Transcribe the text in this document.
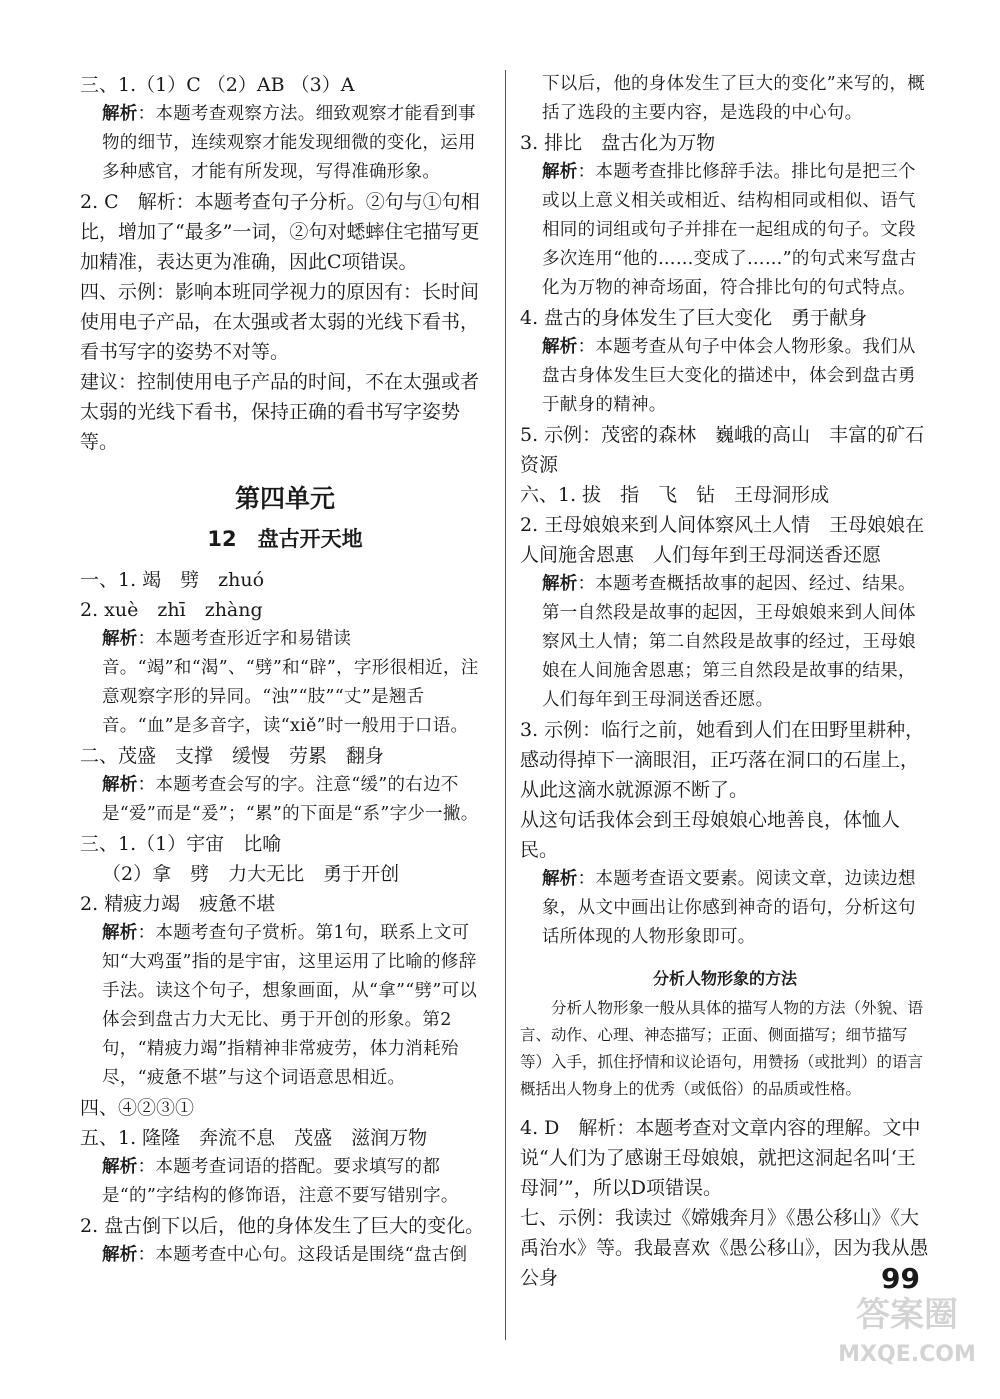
三、1.（1）C （2）AB （3）A

解析：本题考查观察方法。细致观察才能看到事物的细节，连续观察才能发现细微的变化，运用多种感官，才能有所发现，写得准确形象。

2. C　解析：本题考查句子分析。②句与①句相比，增加了“最多”一词，②句对蟋蟀住宅描写更加精准，表达更为准确，因此C项错误。

四、示例：影响本班同学视力的原因有：长时间使用电子产品，在太强或者太弱的光线下看书，看书写字的姿势不对等。

建议：控制使用电子产品的时间，不在太强或者太弱的光线下看书，保持正确的看书写字姿势等。

第四单元
12　盘古开天地

一、1. 竭　劈　zhuó

2. xuè　zhī　zhàng

解析：本题考查形近字和易错读音。“竭”和“渴”、“劈”和“辟”，字形很相近，注意观察字形的异同。“浊”“肢”“丈”是翘舌音。“血”是多音字，读“xiě”时一般用于口语。

二、茂盛　支撑　缓慢　劳累　翻身

解析：本题考查会写的字。注意“缓”的右边不是“爱”而是“爰”；“累”的下面是“系”字少一撇。

三、1.（1）宇宙　比喻

（2）拿　劈　力大无比　勇于开创

2. 精疲力竭　疲惫不堪

解析：本题考查句子赏析。第1句，联系上文可知“大鸡蛋”指的是宇宙，这里运用了比喻的修辞手法。读这个句子，想象画面，从“拿”“劈”可以体会到盘古力大无比、勇于开创的形象。第2句，“精疲力竭”指精神非常疲劳，体力消耗殆尽，“疲惫不堪”与这个词语意思相近。

四、④②③①

五、1. 隆隆　奔流不息　茂盛　滋润万物

解析：本题考查词语的搭配。要求填写的都是“的”字结构的修饰语，注意不要写错别字。

2. 盘古倒下以后，他的身体发生了巨大的变化。

解析：本题考查中心句。这段话是围绕“盘古倒

下以后，他的身体发生了巨大的变化”来写的，概括了选段的主要内容，是选段的中心句。

3. 排比　盘古化为万物

解析：本题考查排比修辞手法。排比句是把三个或以上意义相关或相近、结构相同或相似、语气相同的词组或句子并排在一起组成的句子。文段多次连用“他的……变成了……”的句式来写盘古化为万物的神奇场面，符合排比句的句式特点。

4. 盘古的身体发生了巨大变化　勇于献身

解析：本题考查从句子中体会人物形象。我们从盘古身体发生巨大变化的描述中，体会到盘古勇于献身的精神。

5. 示例：茂密的森林　巍峨的高山　丰富的矿石资源

六、1. 拔　指　飞　钻　王母洞形成

2. 王母娘娘来到人间体察风土人情　王母娘娘在人间施舍恩惠　人们每年到王母洞送香还愿

解析：本题考查概括故事的起因、经过、结果。第一自然段是故事的起因，王母娘娘来到人间体察风土人情；第二自然段是故事的经过，王母娘娘在人间施舍恩惠；第三自然段是故事的结果，人们每年到王母洞送香还愿。

3. 示例：临行之前，她看到人们在田野里耕种，感动得掉下一滴眼泪，正巧落在洞口的石崖上，从此这滴水就源源不断了。

从这句话我体会到王母娘娘心地善良，体恤人民。

解析：本题考查语文要素。阅读文章，边读边想象，从文中画出让你感到神奇的语句，分析这句话所体现的人物形象即可。

分析人物形象的方法
分析人物形象一般从具体的描写人物的方法（外貌、语言、动作、心理、神态描写；正面、侧面描写；细节描写等）入手，抓住抒情和议论语句，用赞扬（或批判）的语言概括出人物身上的优秀（或低俗）的品质或性格。

4. D　解析：本题考查对文章内容的理解。文中说“人们为了感谢王母娘娘，就把这洞起名叫‘王母洞’”，所以D项错误。

七、示例：我读过《嫦娥奔月》《愚公移山》《大禹治水》等。我最喜欢《愚公移山》，因为我从愚公身	99
答案圈
MXQE.COM
